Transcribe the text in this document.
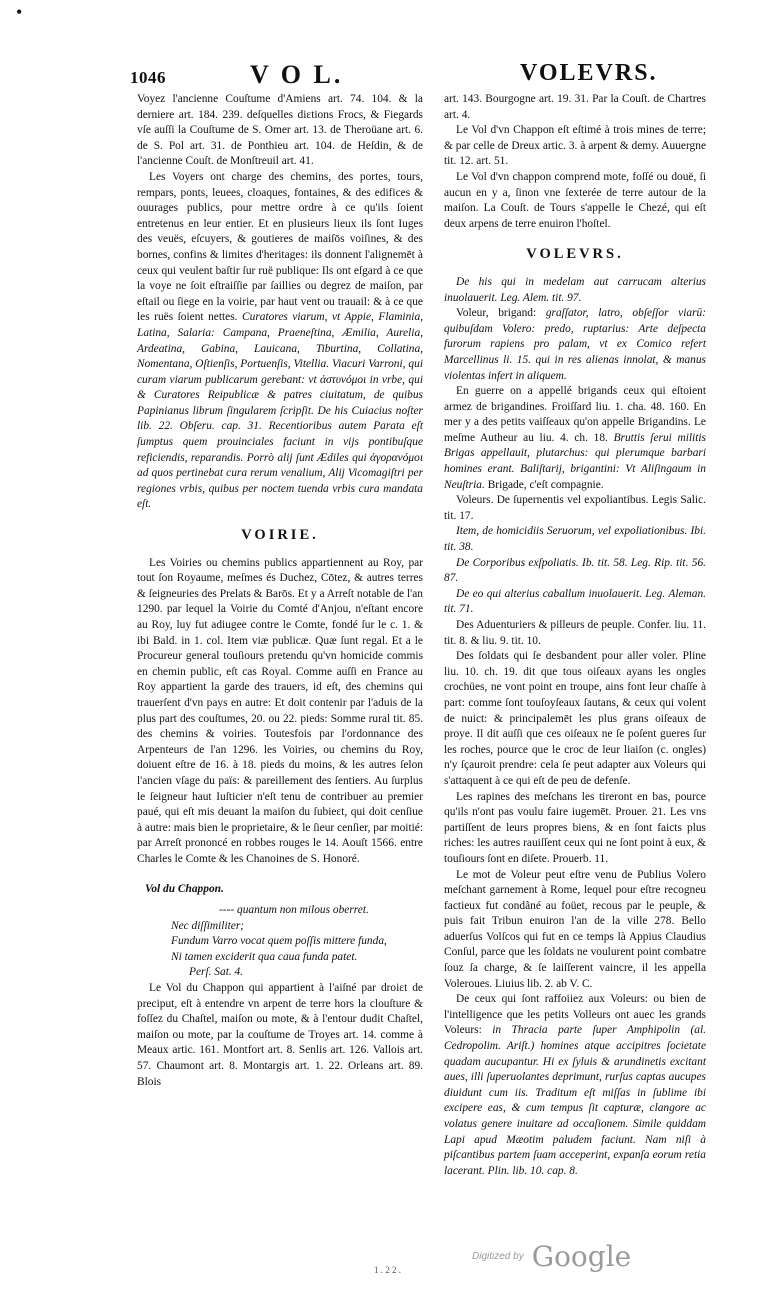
•
1046	V O L.	VOLEVRS.

Voyez l'ancienne Couſtume d'Amiens art. 74. 104. & la derniere art. 184. 239. deſquelles diɛtions Frocs, & Fiegards vſe auſſi la Couſtume de S. Omer art. 13. de Theroüane art. 6. de S. Pol art. 31. de Ponthieu art. 104. de Heſdin, & de l'ancienne Couſt. de Monſtreuil art. 41.

Les Voyers ont charge des chemins, des portes, tours, rempars, ponts, leuees, cloaques, fontaines, & des edifices & ouurages publics, pour mettre ordre à ce qu'ils ſoient entretenus en leur entier. Et en plusieurs lieux ils ſont Iuges des veuës, eſcuyers, & goutieres de maiſōs voiſines, & des bornes, confins & limites d'heritages: ils donnent l'alignemēt à ceux qui veulent baſtir ſur ruë publique: Ils ont eſgard à ce que la voye ne ſoit eſtraiſſie par ſaillies ou degrez de maiſon, par eſtail ou ſiege en la voirie, par haut vent ou trauail: & à ce que les ruës ſoient nettes. Curatores viarum, vt Appie, Flaminia, Latina, Salaria: Campana, Praeneſtina, Æmilia, Aurelia, Ardeatina, Gabina, Lauicana, Tiburtina, Collatina, Nomentana, Oſtienſis, Portuenſis, Vitellia. Viacuri Varroni, qui curam viarum publicarum gerebant: vt ἀστυνόμοι in vrbe, qui & Curatores Reipublicæ & patres ciuitatum, de quibus Papinianus librum ſingularem ſcripſit. De his Cuiacius noſter lib. 22. Obſeru. cap. 31. Recentioribus autem Parata eſt ſumptus quem prouinciales faciunt in vijs pontibuſque reficiendis, reparandis. Porrò alij ſunt Ædiles qui ἀγορανόμοι ad quos pertinebat cura rerum venalium, Alij Vicomagiſtri per regiones vrbis, quibus per noctem tuenda vrbis cura mandata eſt.

VOIRIE.

Les Voiries ou chemins publics appartiennent au Roy, par tout ſon Royaume, meſmes és Duchez, Cōtez, & autres terres & ſeigneuries des Prelats & Barōs. Et y a Arreſt notable de l'an 1290. par lequel la Voirie du Comté d'Anjou, n'eſtant encore au Roy, luy fut adiugee contre le Comte, fondé ſur le c. 1. & ibi Bald. in 1. col. Item viæ publicæ. Quæ ſunt regal. Et a le Procureur general touſiours pretendu qu'vn homicide commis en chemin public, eſt cas Royal. Comme auſſi en France au Roy appartient la garde des trauers, id eſt, des chemins qui trauerſent d'vn pays en autre: Et doit contenir par l'aduis de la plus part des couſtumes, 20. ou 22. pieds: Somme rural tit. 85. des chemins & voiries. Toutesfois par l'ordonnance des Arpenteurs de l'an 1296. les Voiries, ou chemins du Roy, doiuent eſtre de 16. à 18. pieds du moins, & les autres ſelon l'ancien vſage du païs: & pareillement des ſentiers. Au ſurplus le ſeigneur haut Iuſticier n'eſt tenu de contribuer au premier paué, qui eſt mis deuant la maiſon du ſubieɛt, qui doit cenſiue à autre: mais bien le proprietaire, & le ſieur cenſier, par moitié: par Arreſt prononcé en robbes rouges le 14. Aouſt 1566. entre Charles le Comte & les Chanoines de S. Honoré.

Vol du Chappon.

---- quantum non milous oberret.

Nec diſſimiliter;

Fundum Varro vocat quem poſſis mittere funda,

Ni tamen exciderit qua caua funda patet.

Perſ. Sat. 4.

Le Vol du Chappon qui appartient à l'aiſné par droiɛt de preciput, eſt à entendre vn arpent de terre hors la clouſture & foſſez du Chaſtel, maiſon ou mote, & à l'entour dudit Chaſtel, maiſon ou mote, par la couſtume de Troyes art. 14. comme à Meaux artic. 161. Montfort art. 8. Senlis art. 126. Vallois art. 57. Chaumont art. 8. Montargis art. 1. 22. Orleans art. 89. Blois

art. 143. Bourgogne art. 19. 31. Par la Couſt. de Chartres art. 4.

Le Vol d'vn Chappon eſt eſtimé à trois mines de terre; & par celle de Dreux artic. 3. à arpent & demy. Auuergne tit. 12. art. 51.

Le Vol d'vn chappon comprend mote, foſſé ou douë, ſi aucun en y a, ſinon vne ſexterée de terre autour de la maiſon. La Couſt. de Tours s'appelle le Chezé, qui eſt deux arpens de terre enuiron l'hoſtel.

VOLEVRS.

De his qui in medelam aut carrucam alterius inuolauerit. Leg. Alem. tit. 97.

Voleur, brigand: graſſator, latro, obſeſſor viarū: quibuſdam Volero: predo, ruptarius: Arte deſpecta furorum rapiens pro palam, vt ex Comico refert Marcellinus li. 15. qui in res alienas innolat, & manus violentas infert in aliquem.

En guerre on a appellé brigands ceux qui eſtoient armez de brigandines. Froiſſard liu. 1. cha. 48. 160. En mer y a des petits vaiſſeaux qu'on appelle Brigandins. Le meſme Autheur au liu. 4. ch. 18. Bruttis ſerui militis Brigas appellauit, plutarchus: qui plerumque barbari homines erant. Baliſtarij, brigantini: Vt Aliſingaum in Neuſtria. Brigade, c'eſt compagnie.

Voleurs. De ſupernentis vel expoliantibus. Legis Salic. tit. 17.

Item, de homicidiis Seruorum, vel expoliationibus. Ibi. tit. 38.

De Corporibus exſpoliatis. Ib. tit. 58. Leg. Rip. tit. 56. 87.

De eo qui alterius caballum inuolauerit. Leg. Aleman. tit. 71.

Des Aduenturiers & pilleurs de peuple. Confer. liu. 11. tit. 8. & liu. 9. tit. 10.

Des ſoldats qui ſe desbandent pour aller voler. Pline liu. 10. ch. 19. dit que tous oiſeaux ayans les ongles crochües, ne vont point en troupe, ains font leur chaſſe à part: comme ſont touſoyſeaux ſautans, & ceux qui volent de nuict: & principalemēt les plus grans oiſeaux de proye. Il dit auſſi que ces oiſeaux ne ſe poſent gueres ſur les roches, pource que le croc de leur liaiſon (c. ongles) n'y ſçauroit prendre: cela ſe peut adapter aux Voleurs qui s'attaquent à ce qui eſt de peu de defenſe.

Les rapines des meſchans les tireront en bas, pource qu'ils n'ont pas voulu faire iugemēt. Prouer. 21. Les vns partiſſent de leurs propres biens, & en ſont faicts plus riches: les autres rauiſſent ceux qui ne ſont point à eux, & touſiours ſont en diſete. Prouerb. 11.

Le mot de Voleur peut eſtre venu de Publius Volero meſchant garnement à Rome, lequel pour eſtre recogneu factieux fut condãné au foüet, recous par le peuple, & puis fait Tribun enuiron l'an de la ville 278. Bello aduerſus Volſcos qui fut en ce temps là Appius Claudius Conſul, parce que les ſoldats ne voulurent point combatre ſouz ſa charge, & ſe laiſſerent vaincre, il les appella Voleroues. Liuius lib. 2. ab V. C.

De ceux qui ſont raffoiiez aux Voleurs: ou bien de l'intelligence que les petits Volleurs ont auec les grands Voleurs: in Thracia parte ſuper Amphipolin (al. Cedropolim. Ariſt.) homines atque accipitres ſocietate quadam aucupantur. Hi ex ſyluis & arundinetis excitant aues, illi ſuperuolantes deprimunt, rurſus captas aucupes diuidunt cum iis. Traditum eſt miſſas in ſublime ibi excipere eas, & cum tempus ſit capturæ, clangore ac volatus genere inuitare ad occaſionem. Simile quiddam Lapi apud Mæotim paludem faciunt. Nam niſi à piſcantibus partem ſuam acceperint, expanſa eorum retia lacerant. Plin. lib. 10. cap. 8.

1 . 2 2 .
Digitized by Google
